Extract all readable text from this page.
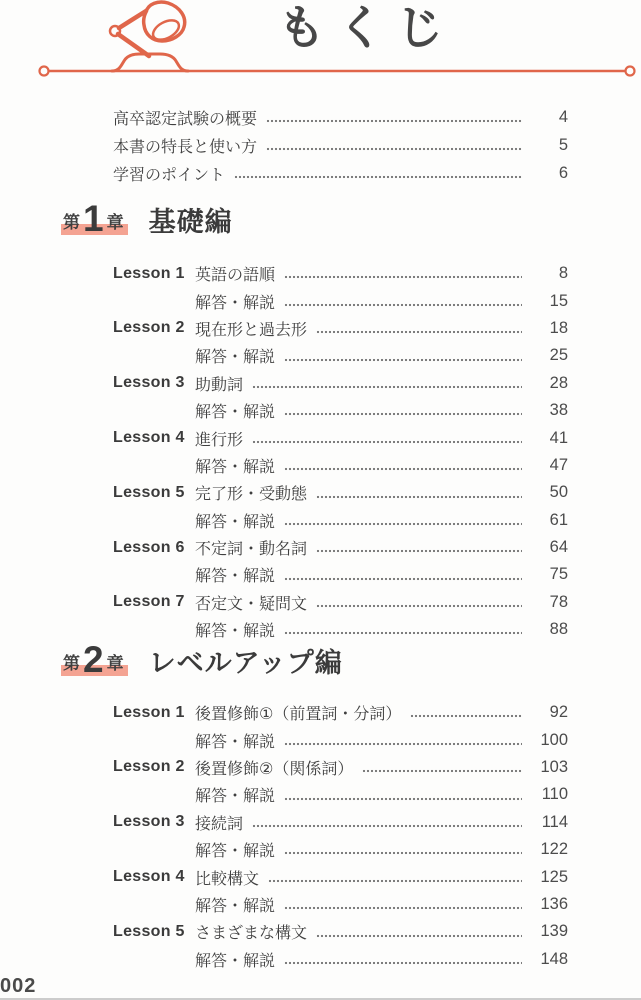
もくじ
高卒認定試験の概要	4
本書の特長と使い方	5
学習のポイント	6
第 1 章 基礎編
Lesson 1 英語の語順	8
解答・解説	15
Lesson 2 現在形と過去形	18
解答・解説	25
Lesson 3 助動詞	28
解答・解説	38
Lesson 4 進行形	41
解答・解説	47
Lesson 5 完了形・受動態	50
解答・解説	61
Lesson 6 不定詞・動名詞	64
解答・解説	75
Lesson 7 否定文・疑問文	78
解答・解説	88
第 2 章 レベルアップ編
Lesson 1 後置修飾①（前置詞・分詞）	92
解答・解説	100
Lesson 2 後置修飾②（関係詞）	103
解答・解説	110
Lesson 3 接続詞	114
解答・解説	122
Lesson 4 比較構文	125
解答・解説	136
Lesson 5 さまざまな構文	139
解答・解説	148
002
